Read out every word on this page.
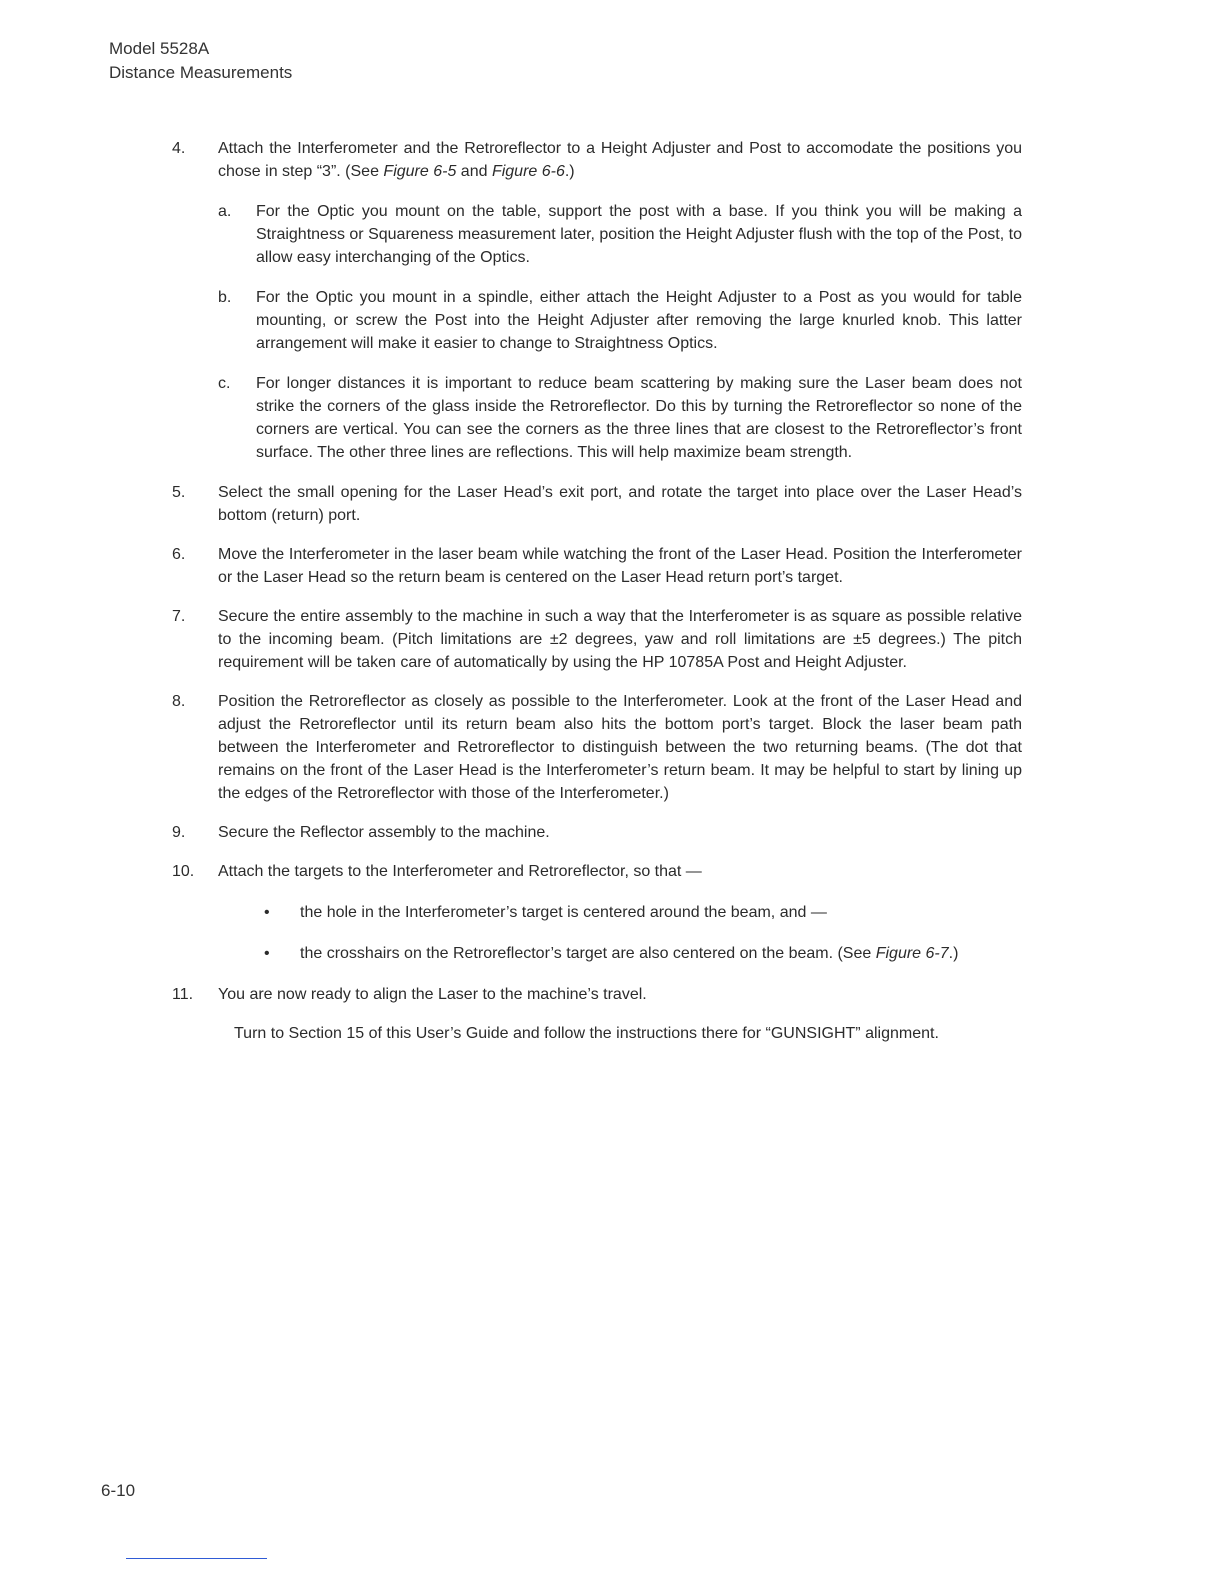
Model 5528A
Distance Measurements
4.	Attach the Interferometer and the Retroreflector to a Height Adjuster and Post to accomodate the positions you chose in step “3”. (See Figure 6-5 and Figure 6-6.)
a. For the Optic you mount on the table, support the post with a base. If you think you will be making a Straightness or Squareness measurement later, position the Height Adjuster flush with the top of the Post, to allow easy interchanging of the Optics.
b. For the Optic you mount in a spindle, either attach the Height Adjuster to a Post as you would for table mounting, or screw the Post into the Height Adjuster after removing the large knurled knob. This latter arrangement will make it easier to change to Straightness Optics.
c. For longer distances it is important to reduce beam scattering by making sure the Laser beam does not strike the corners of the glass inside the Retroreflector. Do this by turning the Retroreflector so none of the corners are vertical. You can see the corners as the three lines that are closest to the Retroreflector’s front surface. The other three lines are reflections. This will help maximize beam strength.
5.	Select the small opening for the Laser Head’s exit port, and rotate the target into place over the Laser Head’s bottom (return) port.
6.	Move the Interferometer in the laser beam while watching the front of the Laser Head. Position the Interferometer or the Laser Head so the return beam is centered on the Laser Head return port’s target.
7.	Secure the entire assembly to the machine in such a way that the Interferometer is as square as possible relative to the incoming beam. (Pitch limitations are ±2 degrees, yaw and roll limitations are ±5 degrees.) The pitch requirement will be taken care of automatically by using the HP 10785A Post and Height Adjuster.
8.	Position the Retroreflector as closely as possible to the Interferometer. Look at the front of the Laser Head and adjust the Retroreflector until its return beam also hits the bottom port’s target. Block the laser beam path between the Interferometer and Retroreflector to distinguish between the two returning beams. (The dot that remains on the front of the Laser Head is the Interferometer’s return beam. It may be helpful to start by lining up the edges of the Retroreflector with those of the Interferometer.)
9.	Secure the Reflector assembly to the machine.
10.	Attach the targets to the Interferometer and Retroreflector, so that —
• the hole in the Interferometer’s target is centered around the beam, and —
• the crosshairs on the Retroreflector’s target are also centered on the beam. (See Figure 6-7.)
11.	You are now ready to align the Laser to the machine’s travel.
Turn to Section 15 of this User’s Guide and follow the instructions there for “GUNSIGHT” alignment.
6-10
